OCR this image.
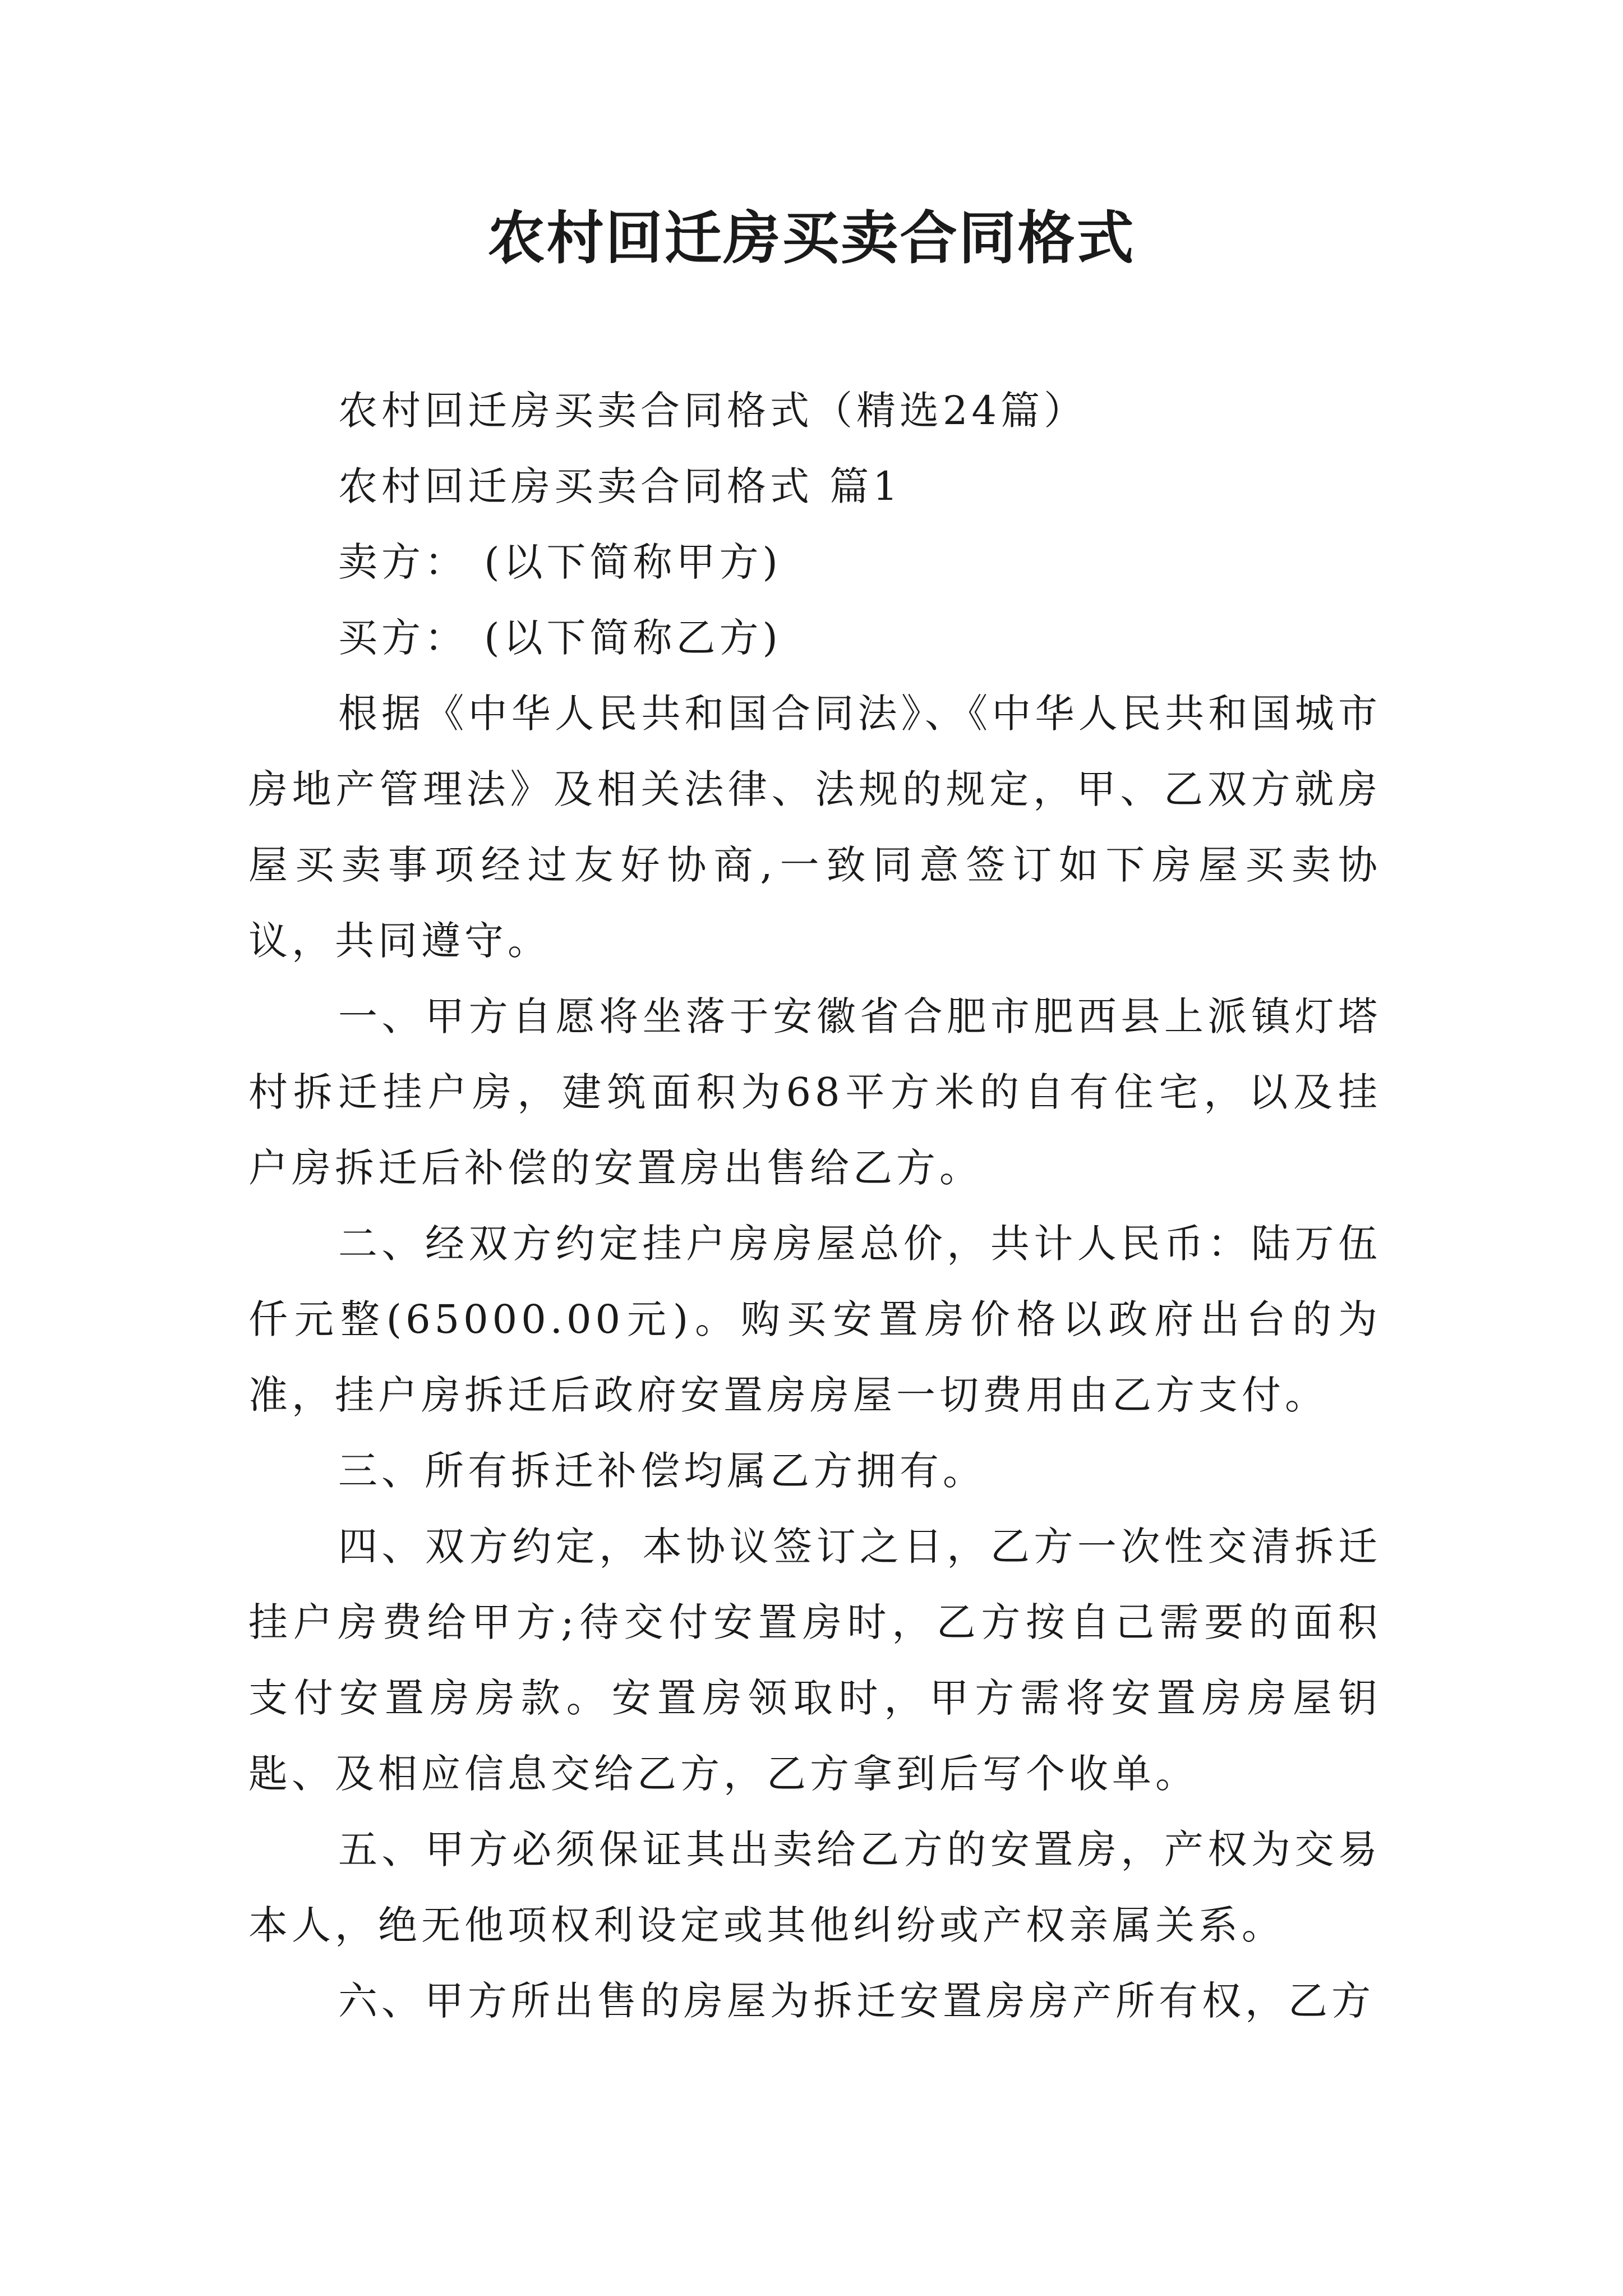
农村回迁房买卖合同格式

农村回迁房买卖合同格式（精选24篇）

农村回迁房买卖合同格式 篇1

卖方： (以下简称甲方)

买方： (以下简称乙方)

根据《中华人民共和国合同法》、《中华人民共和国城市房地产管理法》及相关法律、法规的规定，甲、乙双方就房屋买卖事项经过友好协商,一致同意签订如下房屋买卖协议，共同遵守。

一、甲方自愿将坐落于安徽省合肥市肥西县上派镇灯塔村拆迁挂户房，建筑面积为68平方米的自有住宅，以及挂户房拆迁后补偿的安置房出售给乙方。

二、经双方约定挂户房房屋总价，共计人民币：陆万伍仟元整(65000.00元)。购买安置房价格以政府出台的为准，挂户房拆迁后政府安置房房屋一切费用由乙方支付。

三、所有拆迁补偿均属乙方拥有。

四、双方约定，本协议签订之日，乙方一次性交清拆迁挂户房费给甲方;待交付安置房时，乙方按自己需要的面积支付安置房房款。安置房领取时，甲方需将安置房房屋钥匙、及相应信息交给乙方，乙方拿到后写个收单。

五、甲方必须保证其出卖给乙方的安置房，产权为交易本人，绝无他项权利设定或其他纠纷或产权亲属关系。

六、甲方所出售的房屋为拆迁安置房房产所有权，乙方
